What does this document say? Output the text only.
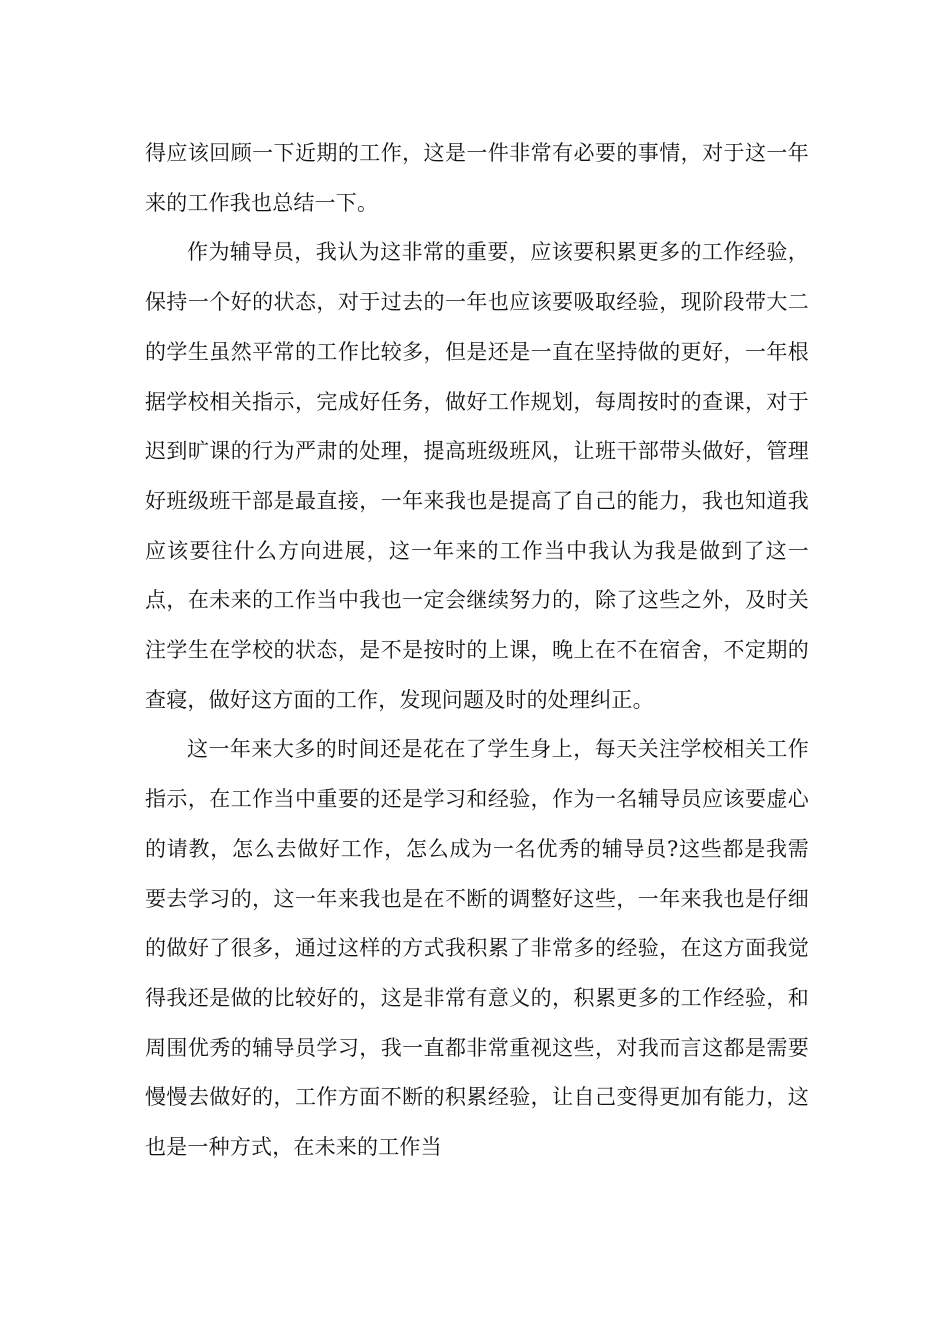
得应该回顾一下近期的工作，这是一件非常有必要的事情，对于这一年来的工作我也总结一下。

作为辅导员，我认为这非常的重要，应该要积累更多的工作经验，保持一个好的状态，对于过去的一年也应该要吸取经验，现阶段带大二的学生虽然平常的工作比较多，但是还是一直在坚持做的更好，一年根据学校相关指示，完成好任务，做好工作规划，每周按时的查课，对于迟到旷课的行为严肃的处理，提高班级班风，让班干部带头做好，管理好班级班干部是最直接，一年来我也是提高了自己的能力，我也知道我应该要往什么方向进展，这一年来的工作当中我认为我是做到了这一点，在未来的工作当中我也一定会继续努力的，除了这些之外，及时关注学生在学校的状态，是不是按时的上课，晚上在不在宿舍，不定期的查寝，做好这方面的工作，发现问题及时的处理纠正。

这一年来大多的时间还是花在了学生身上，每天关注学校相关工作指示，在工作当中重要的还是学习和经验，作为一名辅导员应该要虚心的请教，怎么去做好工作，怎么成为一名优秀的辅导员?这些都是我需要去学习的，这一年来我也是在不断的调整好这些，一年来我也是仔细的做好了很多，通过这样的方式我积累了非常多的经验，在这方面我觉得我还是做的比较好的，这是非常有意义的，积累更多的工作经验，和周围优秀的辅导员学习，我一直都非常重视这些，对我而言这都是需要慢慢去做好的，工作方面不断的积累经验，让自己变得更加有能力，这也是一种方式，在未来的工作当
